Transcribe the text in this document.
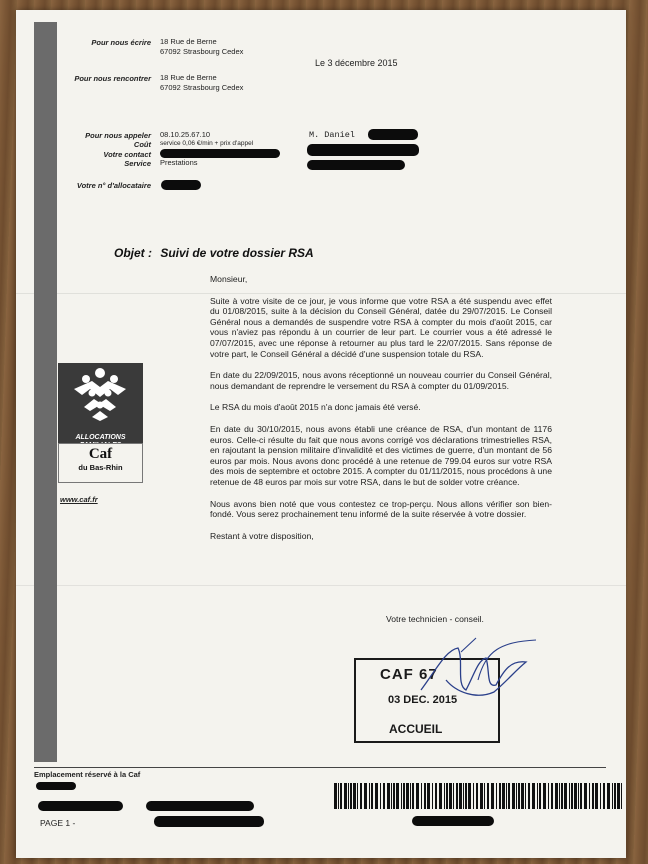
Pour nous écrire 18 Rue de Berne
67092 Strasbourg Cedex
Le 3 décembre 2015
Pour nous rencontrer 18 Rue de Berne
67092 Strasbourg Cedex
Pour nous appeler 08.10.25.67.10
Coût service 0,06 €/min + prix d'appel
Votre contact
Service Prestations
M. Daniel
Votre n° d'allocataire
Objet : Suivi de votre dossier RSA
Monsieur,
Suite à votre visite de ce jour, je vous informe que votre RSA a été suspendu avec effet du 01/08/2015, suite à la décision du Conseil Général, datée du 29/07/2015. Le Conseil Général nous a demandés de suspendre votre RSA à compter du mois d'août 2015, car vous n'aviez pas répondu à un courrier de leur part. Le courrier vous a été adressé le 07/07/2015, avec une réponse à retourner au plus tard le 22/07/2015. Sans réponse de votre part, le Conseil Général a décidé d'une suspension totale du RSA.
En date du 22/09/2015, nous avons réceptionné un nouveau courrier du Conseil Général, nous demandant de reprendre le versement du RSA à compter du 01/09/2015.
Le RSA du mois d'août 2015 n'a donc jamais été versé.
En date du 30/10/2015, nous avons établi une créance de RSA, d'un montant de 1176 euros. Celle-ci résulte du fait que nous avons corrigé vos déclarations trimestrielles RSA, en rajoutant la pension militaire d'invalidité et des victimes de guerre, d'un montant de 56 euros par mois. Nous avons donc procédé à une retenue de 799.04 euros sur votre RSA des mois de septembre et octobre 2015. A compter du 01/11/2015, nous procédons à une retenue de 48 euros par mois sur votre RSA, dans le but de solder votre créance.
Nous avons bien noté que vous contestez ce trop-perçu. Nous allons vérifier son bien-fondé. Vous serez prochainement tenu informé de la suite réservée à votre dossier.
Restant à votre disposition,
Votre technicien - conseil.
ALLOCATIONS
Caf
du Bas-Rhin
www.caf.fr
CAF 67
03 DEC. 2015
ACCUEIL
Emplacement réservé à la Caf
PAGE 1 -
